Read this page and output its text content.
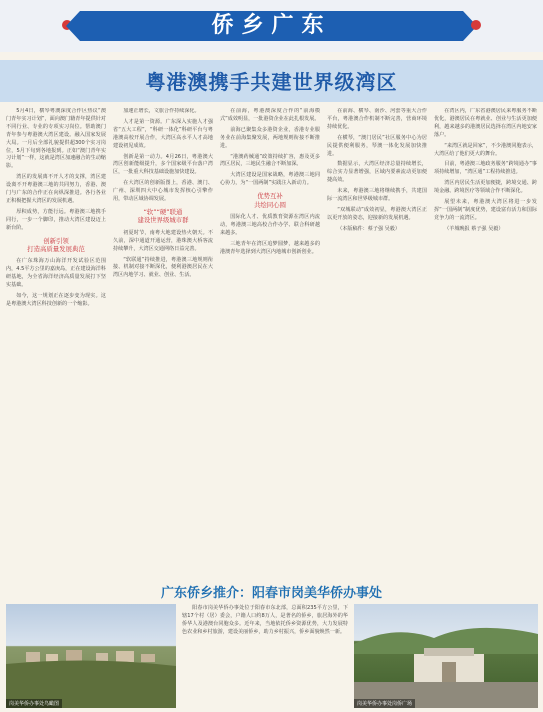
侨乡广东
粤港澳携手共建世界级湾区

5月4日，横琴粤澳深度合作区热议“澳门青年实习计划”，面向澳门籍青年提供针对不同行业、专业的专项实习岗位。帮助澳门青年参与粤港澳大湾区建设。融入国家发展大局。一月后全部礼貌提供超300个实习岗位，5月下旬到各地报到。正如“澳门青年实习计划”一样，这就是湾区加速融合的生动缩影。

湾区的发展离不开人才的支撑，湾区建设离不开粤港澳三地的共同努力，香港、澳门与广东的合作正在向纵深推进。各行各业正积极把握大湾区的发展机遇。

厚积成势，方能行远。粤港澳三地携手同行，一步一个脚印，推动大湾区建设迈上新台阶。

创新引领
打造高质量发展典范

在广东珠海万山海洋开发试验区范围内，4.5平方公里的嘉庚岛，正在建设海洋科研基地，为全省海洋经济高质量发展打下坚实基础。

如今，这一规划正在逐步变为现实。这是粤港澳大湾区科技创新的一个缩影。

加速正增长，文旅合作持续深化。

人才是第一资源。广东深入实施人才强省“五大工程”，“科研一体化”科研平台与粤港澳高校开展合作，大湾区高水平人才高地建设初见成效。

创新是第一动力。4月26日，粤港澳大湾区创新能级提升，多个国家级平台落户湾区，一批重大科技基础设施加快建设。

在大湾区的创新版图上，香港、澳门、广州、深圳四大中心城市发挥核心引擎作用，带动区域协调发展。

“软”“硬”联通
建设世界级城市群

初夏时节，南粤大地建设热火朝天。不久前，深中通道开通运营，港珠澳大桥客流持续攀升，大湾区交通网络日益完善。

“软联通”持续推进，粤港澳三地规则衔接、机制对接不断深化，便利港澳居民在大湾区内地学习、就业、创业、生活。

在前海，粤港澳深度合作的“前海模式”成效明显，一批港资企业在此扎根发展。

前海已聚集众多港资企业，香港专业服务业在前海集聚发展，两地规则衔接不断推进。

“港澳药械通”政策持续扩容，惠及更多湾区居民，三地民生融合不断加深。

大湾区建设是国家战略，粤港澳三地同心协力，为“一国两制”实践注入新动力。

优势互补
共绘同心圆

国际化人才、优质教育资源在湾区内流动，粤港澳三地高校合作办学、联合科研越来越多。

三地青年在湾区追梦圆梦，越来越多的港澳青年选择到大湾区内地城市创新创业。

在前海、横琴、南沙、河套等重大合作平台，粤港澳合作机制不断完善，营商环境持续优化。

在横琴，“澳门居民”社区服务中心为居民提供便利服务，琴澳一体化发展加快推进。

数据显示，大湾区经济总量持续增长，综合实力显著增强，区域内要素流动更加便捷高效。

未来，粤港澳三地将继续携手，共建国际一流湾区和世界级城市群。

“双城联动”成效初显，粤港澳大湾区正以更开放的姿态，迎接新的发展机遇。

（本版稿件：蔡子强 吴毅）

在湾区内，广东省港澳居民来粤服务不断优化，港澳居民在粤就业、创业与生活更加便利，越来越多的港澳居民选择在湾区内地安家落户。

“来湾区就是回家”，不少港澳同胞表示，大湾区给了他们更大的舞台。

目前，粤港澳三地政务服务“跨境通办”事项持续增加，“湾区通”工程持续推进。

湾区内居民生活更加便捷，跨境交通、跨境金融、跨境医疗等领域合作不断深化。

展望未来，粤港澳大湾区将进一步发挥“一国两制”制度优势，建设富有活力和国际竞争力的一流湾区。

（羊城晚报 蔡子强 吴毅）

广东侨乡推介：阳春市岗美华侨办事处
岗美华侨办事处鸟瞰图

阳春市岗美华侨办事处位于阳春市东北部，总面积235平方公里，下辖17个村（居）委会，户籍人口约8万人，是著名的侨乡，旅居海外的华侨华人及港澳台同胞众多。近年来，当地依托侨乡资源优势，大力发展特色农业和乡村旅游，建设美丽侨乡，助力乡村振兴，侨乡面貌焕然一新。

岗美华侨办事处岗侨广场
